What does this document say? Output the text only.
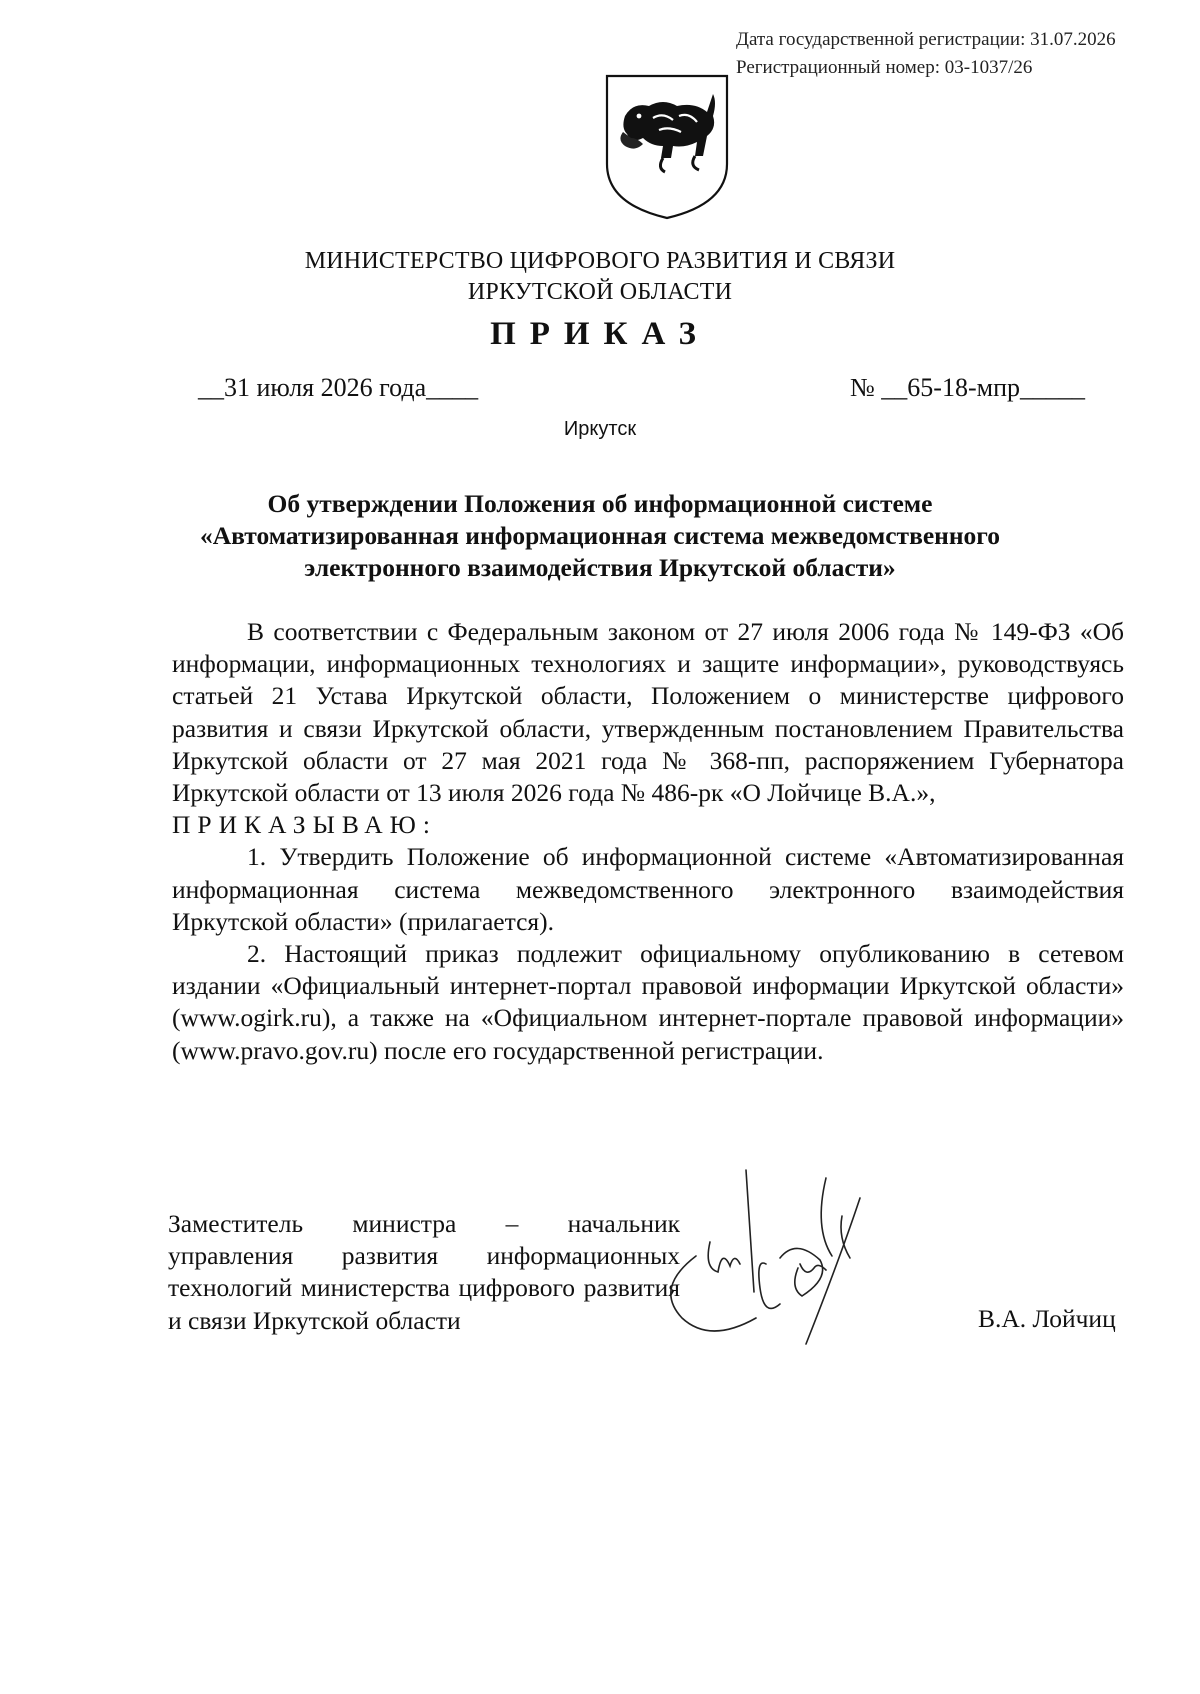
Дата государственной регистрации: 31.07.2026
Регистрационный номер: 03-1037/26
МИНИСТЕРСТВО ЦИФРОВОГО РАЗВИТИЯ И СВЯЗИ
ИРКУТСКОЙ ОБЛАСТИ
ПРИКАЗ
__31 июля 2026 года____	№ __65-18-мпр_____
Иркутск
Об утверждении Положения об информационной системе
«Автоматизированная информационная система межведомственного
электронного взаимодействия Иркутской области»

В соответствии с Федеральным законом от 27 июля 2006 года № 149-ФЗ «Об информации, информационных технологиях и защите информации», руководствуясь статьей 21 Устава Иркутской области, Положением о министерстве цифрового развития и связи Иркутской области, утвержденным постановлением Правительства Иркутской области от 27 мая 2021 года № 368-пп, распоряжением Губернатора Иркутской области от 13 июля 2026 года № 486-рк «О Лойчице В.А.»,

ПРИКАЗЫВАЮ:

1. Утвердить Положение об информационной системе «Автоматизированная информационная система межведомственного электронного взаимодействия Иркутской области» (прилагается).

2. Настоящий приказ подлежит официальному опубликованию в сетевом издании «Официальный интернет-портал правовой информации Иркутской области» (www.ogirk.ru), а также на «Официальном интернет-портале правовой информации» (www.pravo.gov.ru) после его государственной регистрации.

Заместитель министра – начальник управления развития информационных технологий министерства цифрового развития и связи Иркутской области	В.А. Лойчиц
